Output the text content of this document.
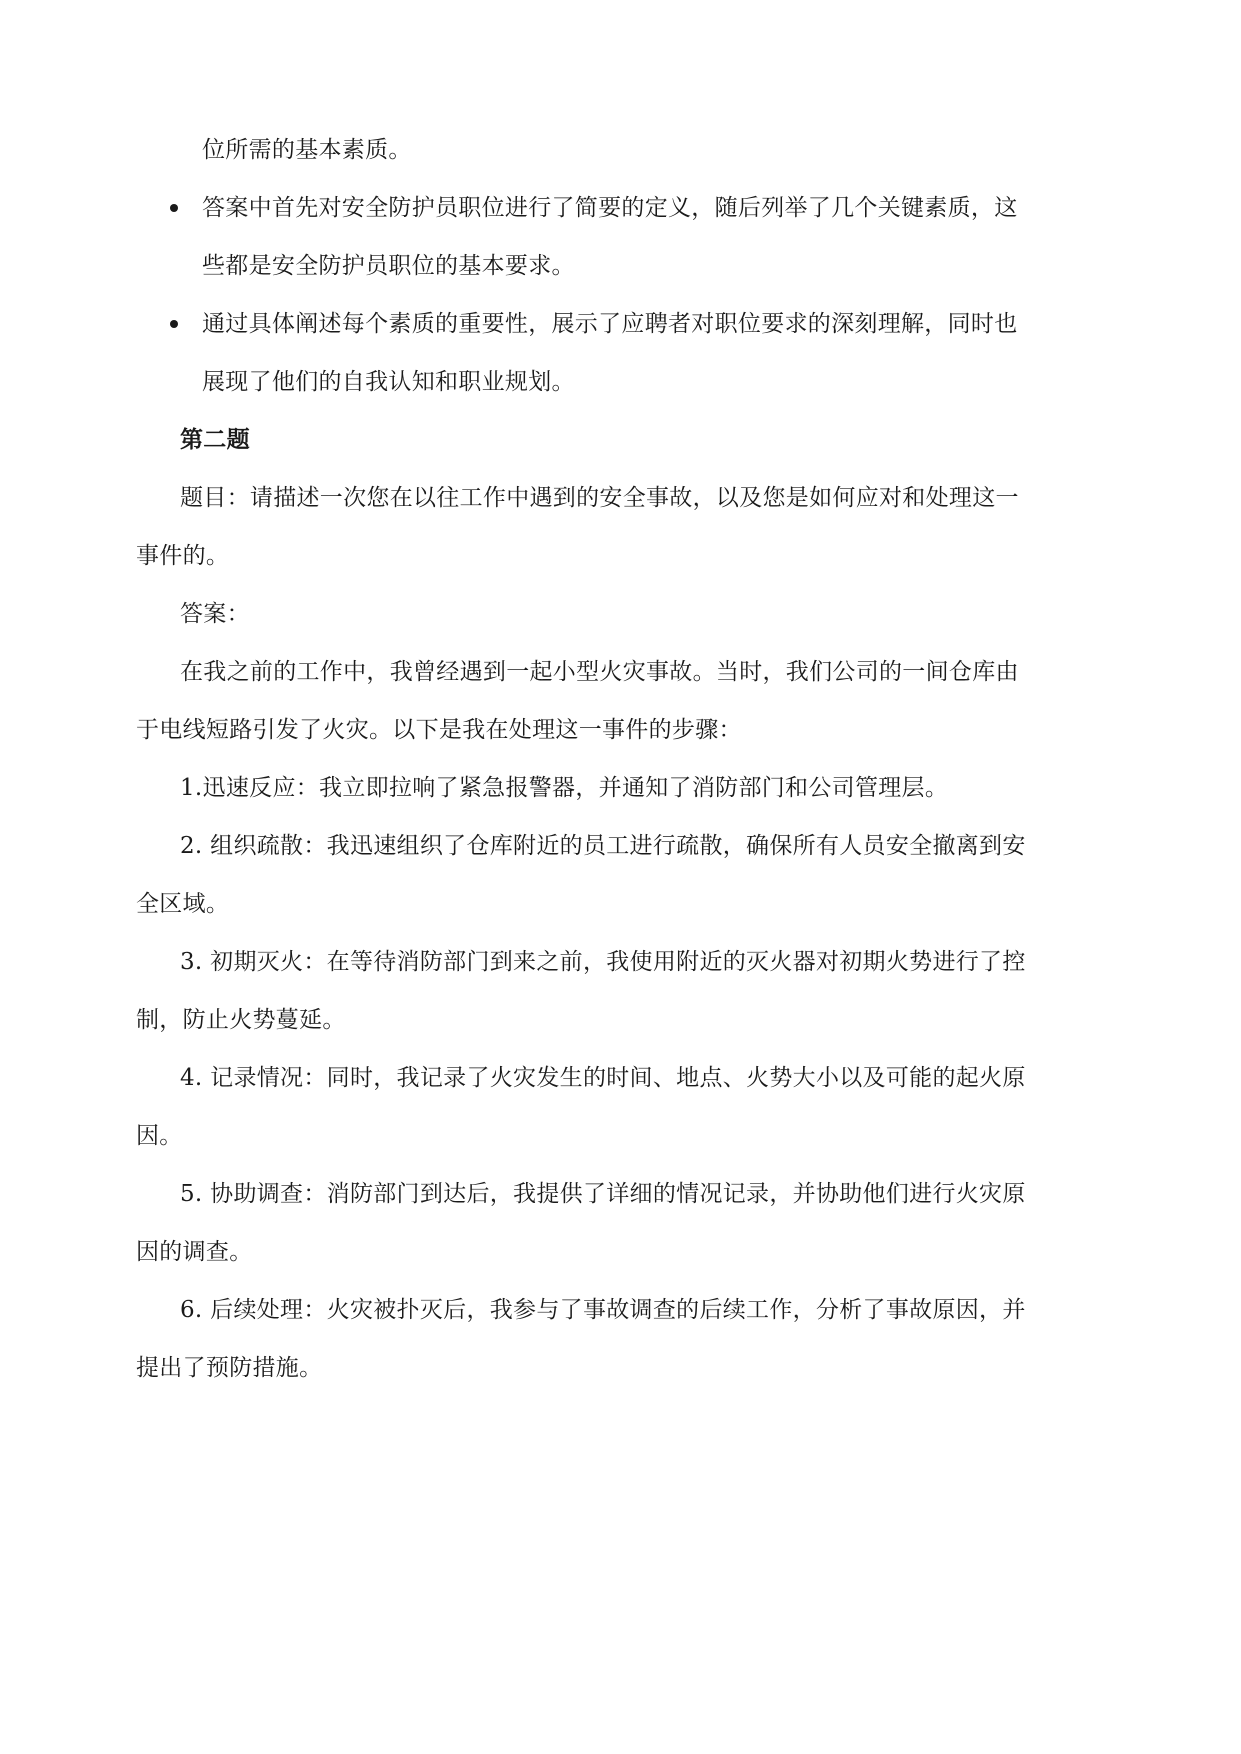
位所需的基本素质。
答案中首先对安全防护员职位进行了简要的定义，随后列举了几个关键素质，这
些都是安全防护员职位的基本要求。
通过具体阐述每个素质的重要性，展示了应聘者对职位要求的深刻理解，同时也
展现了他们的自我认知和职业规划。
第二题
题目：请描述一次您在以往工作中遇到的安全事故，以及您是如何应对和处理这一
事件的。
答案：
在我之前的工作中，我曾经遇到一起小型火灾事故。当时，我们公司的一间仓库由
于电线短路引发了火灾。以下是我在处理这一事件的步骤：
1.迅速反应：我立即拉响了紧急报警器，并通知了消防部门和公司管理层。
2. 组织疏散：我迅速组织了仓库附近的员工进行疏散，确保所有人员安全撤离到安
全区域。
3. 初期灭火：在等待消防部门到来之前，我使用附近的灭火器对初期火势进行了控
制，防止火势蔓延。
4. 记录情况：同时，我记录了火灾发生的时间、地点、火势大小以及可能的起火原
因。
5. 协助调查：消防部门到达后，我提供了详细的情况记录，并协助他们进行火灾原
因的调查。
6. 后续处理：火灾被扑灭后，我参与了事故调查的后续工作，分析了事故原因，并
提出了预防措施。
